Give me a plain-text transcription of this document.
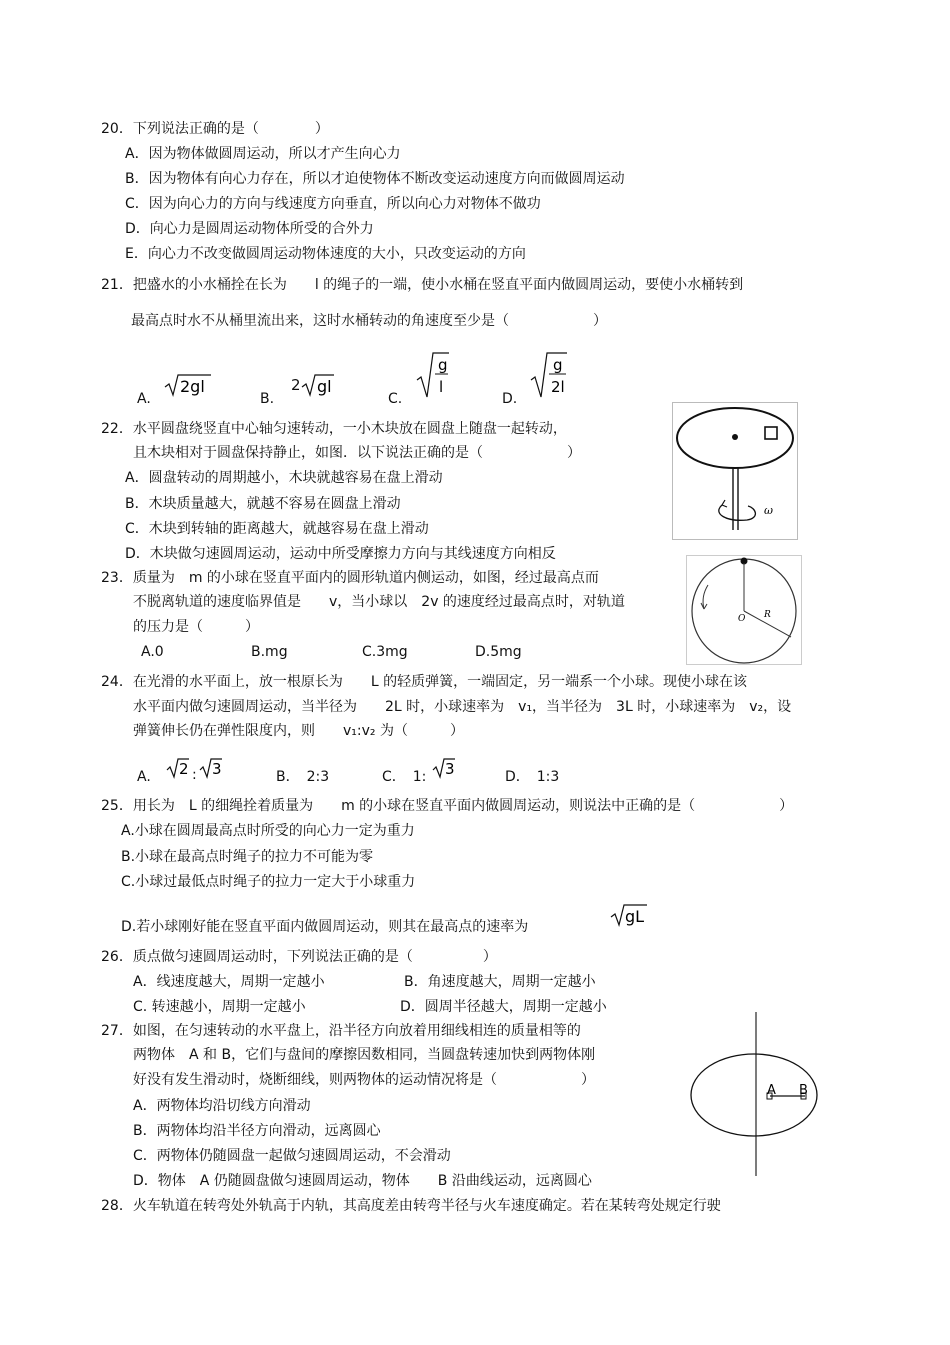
20．下列说法正确的是（　　　　）
A．因为物体做圆周运动，所以才产生向心力
B．因为物体有向心力存在，所以才迫使物体不断改变运动速度方向而做圆周运动
C．因为向心力的方向与线速度方向垂直，所以向心力对物体不做功
D．向心力是圆周运动物体所受的合外力
E．向心力不改变做圆周运动物体速度的大小，只改变运动的方向
21．把盛水的小水桶拴在长为　　l 的绳子的一端，使小水桶在竖直平面内做圆周运动，要使小水桶转到
最高点时水不从桶里流出来，这时水桶转动的角速度至少是（　　　　　　）
A.
2gl
B.
2 gl
C.
g
l
D.
g
2l
22．水平圆盘绕竖直中心轴匀速转动，一小木块放在圆盘上随盘一起转动，
且木块相对于圆盘保持静止，如图．以下说法正确的是（　　　　　　）
A．圆盘转动的周期越小，木块就越容易在盘上滑动
B．木块质量越大，就越不容易在圆盘上滑动
C．木块到转轴的距离越大，就越容易在盘上滑动
D．木块做匀速圆周运动，运动中所受摩擦力方向与其线速度方向相反
ω
23．质量为　m 的小球在竖直平面内的圆形轨道内侧运动，如图，经过最高点而
不脱离轨道的速度临界值是　　v，当小球以　2v 的速度经过最高点时，对轨道
的压力是（　　　）
A.0	B.mg	C.3mg	D.5mg
O R
24．在光滑的水平面上，放一根原长为　　L 的轻质弹簧，一端固定，另一端系一个小球。现使小球在该
水平面内做匀速圆周运动，当半径为　　2L 时，小球速率为　v₁，当半径为　3L 时，小球速率为　v₂，设
弹簧伸长仍在弹性限度内，则　　v₁:v₂ 为（　　　）
A. 2 : 3	B．　2:3	C．　1: 3	D．　1:3
25．用长为　L 的细绳拴着质量为　　m 的小球在竖直平面内做圆周运动，则说法中正确的是（　　　　　　）
A.小球在圆周最高点时所受的向心力一定为重力
B.小球在最高点时绳子的拉力不可能为零
C.小球过最低点时绳子的拉力一定大于小球重力
D.若小球刚好能在竖直平面内做圆周运动，则其在最高点的速率为
gL
26．质点做匀速圆周运动时，下列说法正确的是（　　　　　）
A．线速度越大，周期一定越小	B．角速度越大，周期一定越小
C. 转速越小，周期一定越小	D．圆周半径越大，周期一定越小
27．如图，在匀速转动的水平盘上，沿半径方向放着用细线相连的质量相等的
两物体　A 和 B，它们与盘间的摩擦因数相同，当圆盘转速加快到两物体刚
好没有发生滑动时，烧断细线，则两物体的运动情况将是（　　　　　　）
A．两物体均沿切线方向滑动
B．两物体均沿半径方向滑动，远离圆心
C．两物体仍随圆盘一起做匀速圆周运动，不会滑动
D．物体　A 仍随圆盘做匀速圆周运动，物体　　B 沿曲线运动，远离圆心
A B
28．火车轨道在转弯处外轨高于内轨，其高度差由转弯半径与火车速度确定。若在某转弯处规定行驶
